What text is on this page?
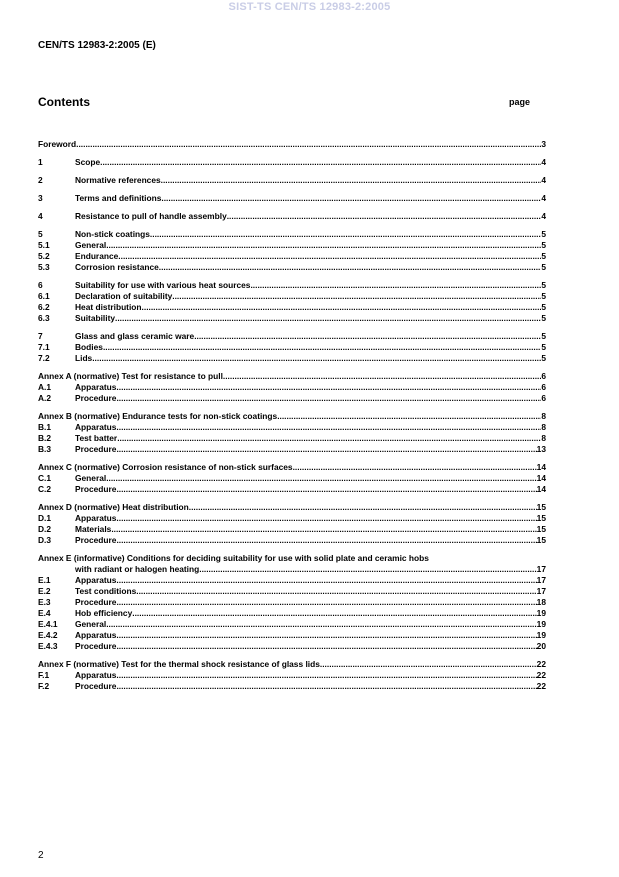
SIST-TS CEN/TS 12983-2:2005
CEN/TS 12983-2:2005 (E)
Contents	page
Foreword .....	3
1	Scope .....	4
2	Normative references .....	4
3	Terms and definitions .....	4
4	Resistance to pull of handle assembly .....	4
5	Non-stick coatings .....	5
5.1	General .....	5
5.2	Endurance .....	5
5.3	Corrosion resistance .....	5
6	Suitability for use with various heat sources .....	5
6.1	Declaration of suitability .....	5
6.2	Heat distribution .....	5
6.3	Suitability .....	5
7	Glass and glass ceramic ware .....	5
7.1	Bodies .....	5
7.2	Lids .....	5
Annex A (normative) Test for resistance to pull .....	6
A.1	Apparatus .....	6
A.2	Procedure .....	6
Annex B (normative) Endurance tests for non-stick coatings .....	8
B.1	Apparatus .....	8
B.2	Test batter .....	8
B.3	Procedure .....	13
Annex C (normative) Corrosion resistance of non-stick surfaces .....	14
C.1	General .....	14
C.2	Procedure .....	14
Annex D (normative) Heat distribution .....	15
D.1	Apparatus .....	15
D.2	Materials .....	15
D.3	Procedure .....	15
Annex E (informative) Conditions for deciding suitability for use with solid plate and ceramic hobs
with radiant or halogen heating .....	17
E.1	Apparatus .....	17
E.2	Test conditions .....	17
E.3	Procedure .....	18
E.4	Hob efficiency .....	19
E.4.1	General .....	19
E.4.2	Apparatus .....	19
E.4.3	Procedure .....	20
Annex F (normative) Test for the thermal shock resistance of glass lids .....	22
F.1	Apparatus .....	22
F.2	Procedure .....	22
2
